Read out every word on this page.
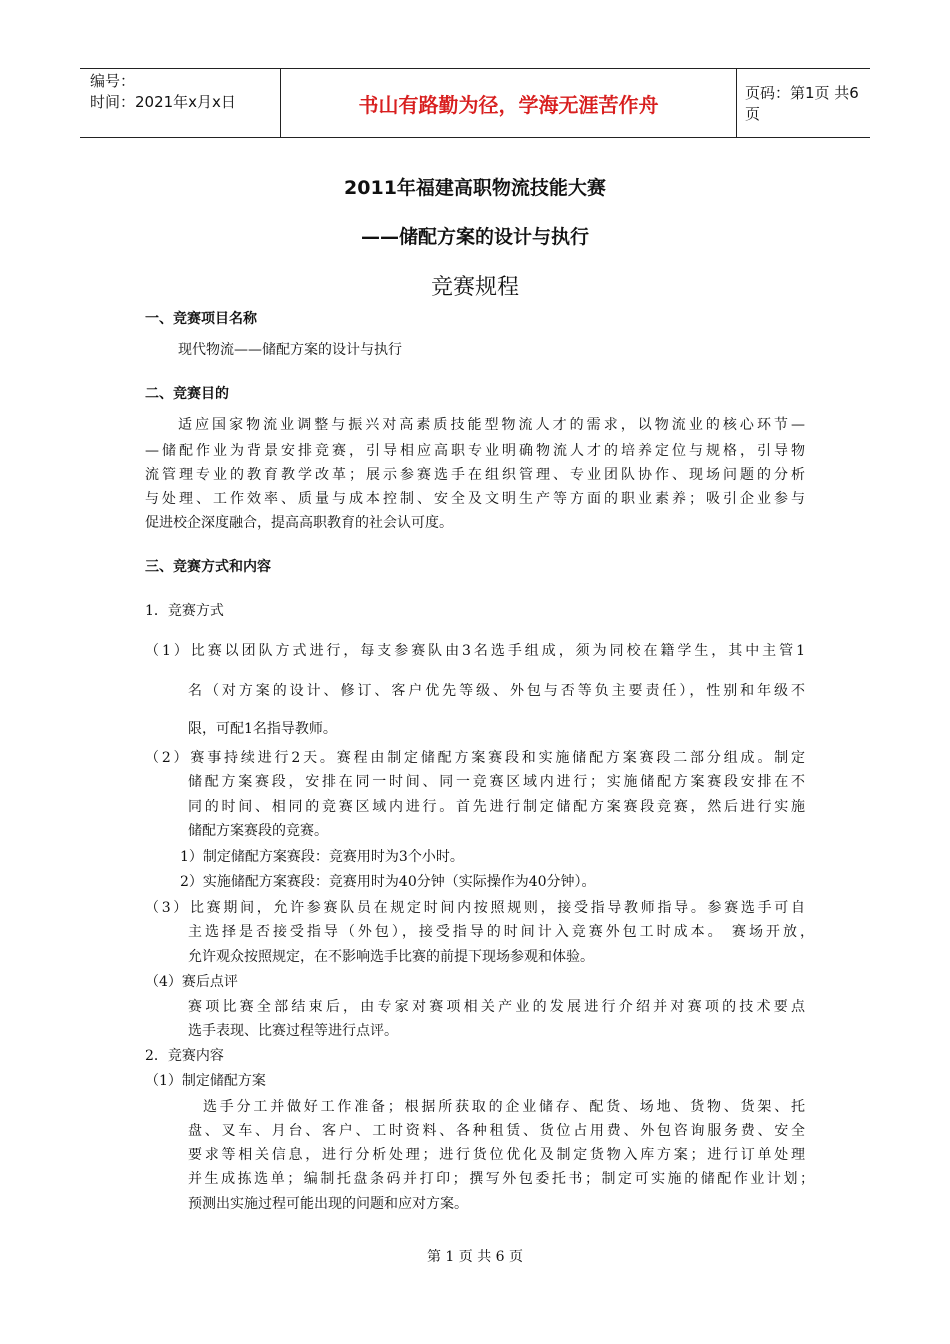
编号：
时间：2021年x月x日	书山有路勤为径，学海无涯苦作舟	页码：第1页 共6页
2011年福建高职物流技能大赛
——储配方案的设计与执行
竞赛规程
一、竞赛项目名称
现代物流——储配方案的设计与执行
二、竞赛目的
适应国家物流业调整与振兴对高素质技能型物流人才的需求，以物流业的核心环节—
—储配作业为背景安排竞赛，引导相应高职专业明确物流人才的培养定位与规格，引导物
流管理专业的教育教学改革；展示参赛选手在组织管理、专业团队协作、现场问题的分析
与处理、工作效率、质量与成本控制、安全及文明生产等方面的职业素养；吸引企业参与
促进校企深度融合，提高高职教育的社会认可度。
三、竞赛方式和内容
1．竞赛方式
（1）比赛以团队方式进行，每支参赛队由3名选手组成，须为同校在籍学生，其中主管1
名（对方案的设计、修订、客户优先等级、外包与否等负主要责任），性别和年级不
限，可配1名指导教师。
（2）赛事持续进行2天。赛程由制定储配方案赛段和实施储配方案赛段二部分组成。制定
储配方案赛段，安排在同一时间、同一竞赛区域内进行；实施储配方案赛段安排在不
同的时间、相同的竞赛区域内进行。首先进行制定储配方案赛段竞赛，然后进行实施
储配方案赛段的竞赛。
1）制定储配方案赛段：竞赛用时为3个小时。
2）实施储配方案赛段：竞赛用时为40分钟（实际操作为40分钟）。
（3）比赛期间，允许参赛队员在规定时间内按照规则，接受指导教师指导。参赛选手可自
主选择是否接受指导（外包），接受指导的时间计入竞赛外包工时成本。 赛场开放，
允许观众按照规定，在不影响选手比赛的前提下现场参观和体验。
（4）赛后点评
赛项比赛全部结束后，由专家对赛项相关产业的发展进行介绍并对赛项的技术要点
选手表现、比赛过程等进行点评。
2．竞赛内容
（1）制定储配方案
选手分工并做好工作准备；根据所获取的企业储存、配货、场地、货物、货架、托
盘、叉车、月台、客户、工时资料、各种租赁、货位占用费、外包咨询服务费、安全
要求等相关信息，进行分析处理；进行货位优化及制定货物入库方案；进行订单处理
并生成拣选单；编制托盘条码并打印；撰写外包委托书；制定可实施的储配作业计划；
预测出实施过程可能出现的问题和应对方案。
第 1 页 共 6 页
